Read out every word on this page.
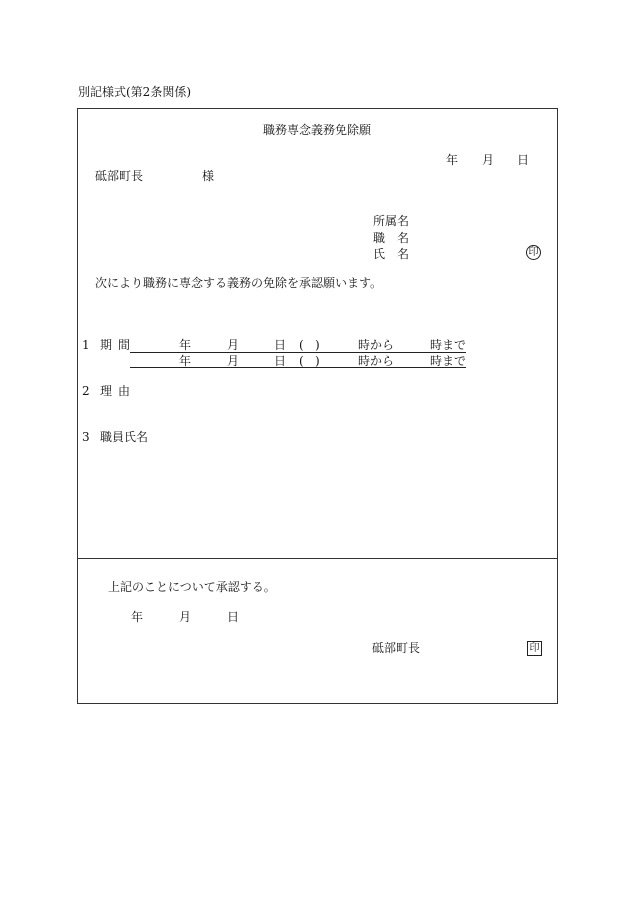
別記様式(第2条関係)
職務専念義務免除願
年 月 日
砥部町長	様
所属名
職　名
氏　名	印
次により職務に専念する義務の免除を承認願います。
1 期　間	年	月	日 ( )	時から	時まで
年	月	日 ( )	時から	時まで
2 理　由
3 職員氏名
上記のことについて承認する。
年	月	日
砥部町長	印
